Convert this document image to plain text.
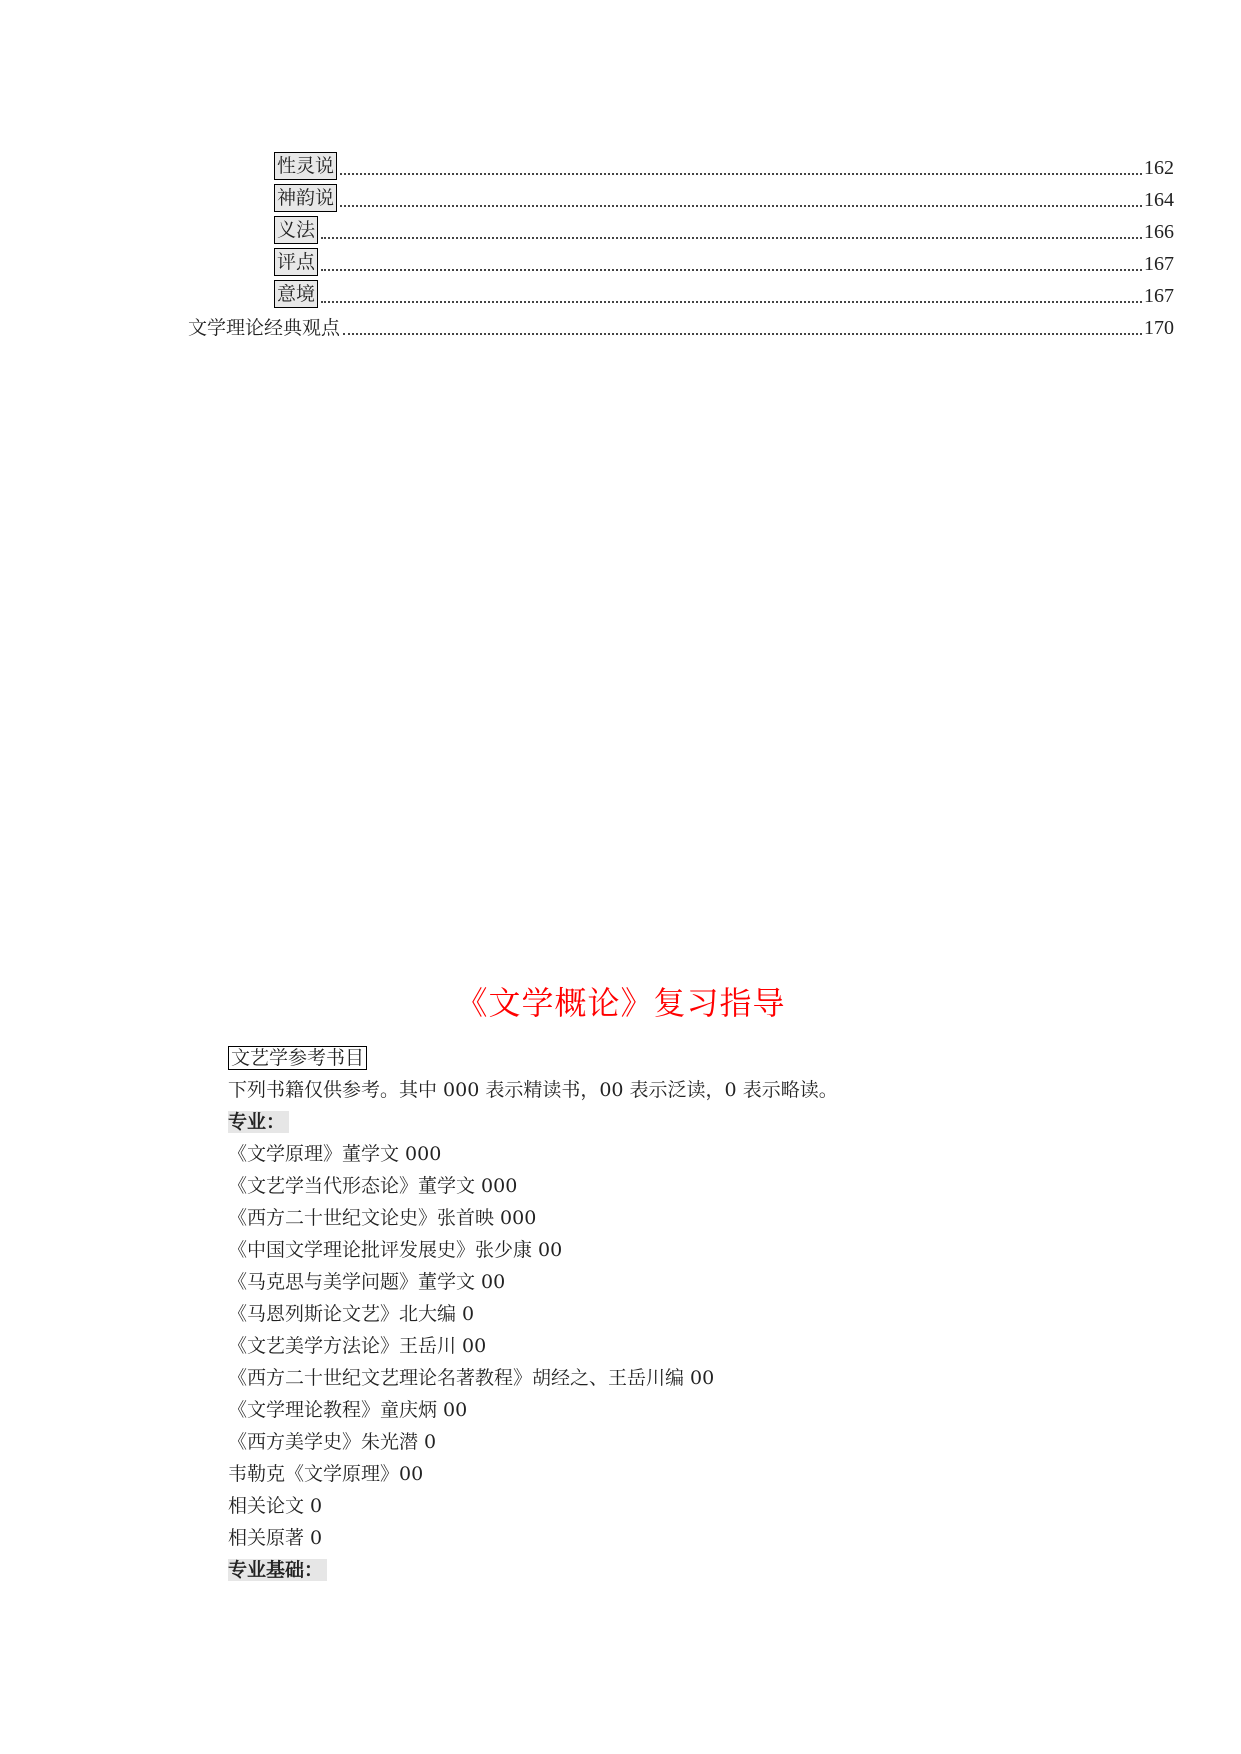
性灵说	162
神韵说	164
义法	166
评点	167
意境	167
文学理论经典观点	170
《文学概论》复习指导
文艺学参考书目
下列书籍仅供参考。其中 000 表示精读书，00 表示泛读，0 表示略读。
专业：
《文学原理》董学文 000
《文艺学当代形态论》董学文 000
《西方二十世纪文论史》张首映 000
《中国文学理论批评发展史》张少康 00
《马克思与美学问题》董学文 00
《马恩列斯论文艺》北大编 0
《文艺美学方法论》王岳川 00
《西方二十世纪文艺理论名著教程》胡经之、王岳川编 00
《文学理论教程》童庆炳 00
《西方美学史》朱光潜 0
韦勒克《文学原理》00
相关论文 0
相关原著 0
专业基础：
